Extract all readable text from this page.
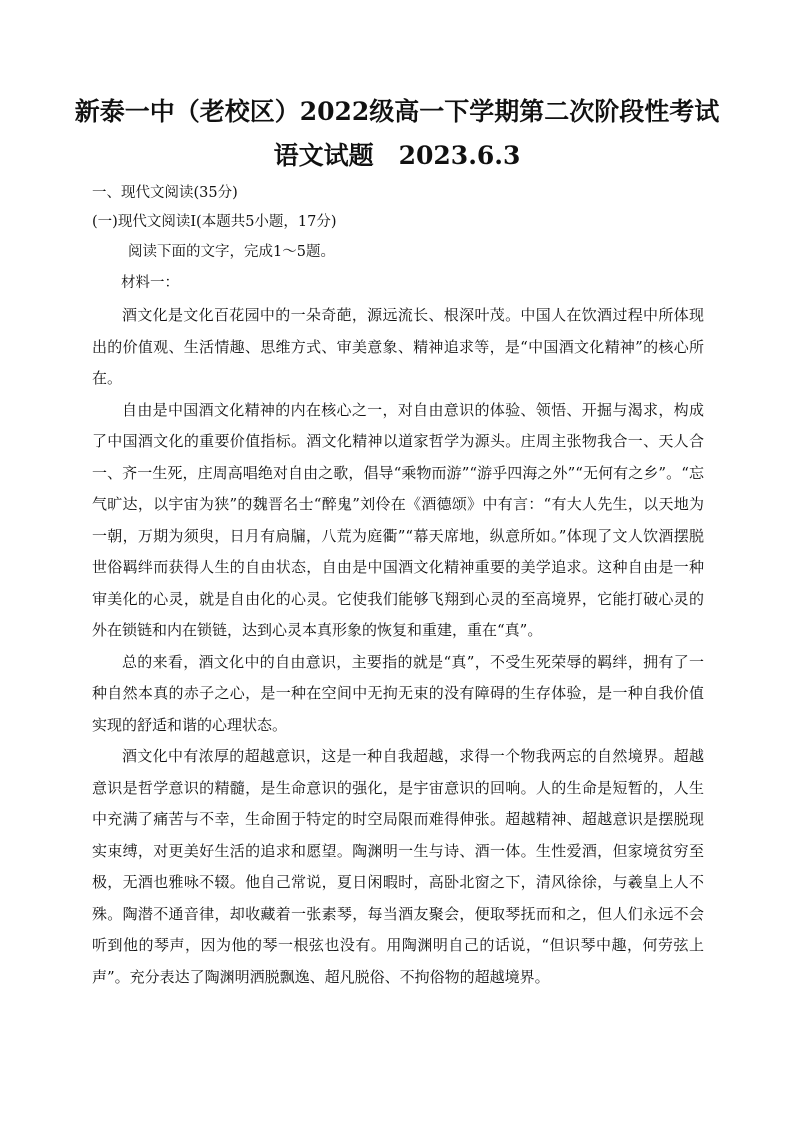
新泰一中（老校区）2022级高一下学期第二次阶段性考试
语文试题　2023.6.3
一、现代文阅读(35分)
(一)现代文阅读Ⅰ(本题共5小题，17分)
阅读下面的文字，完成1～5题。
材料一：

酒文化是文化百花园中的一朵奇葩，源远流长、根深叶茂。中国人在饮酒过程中所体现出的价值观、生活情趣、思维方式、审美意象、精神追求等，是“中国酒文化精神”的核心所在。

自由是中国酒文化精神的内在核心之一，对自由意识的体验、领悟、开掘与渴求，构成了中国酒文化的重要价值指标。酒文化精神以道家哲学为源头。庄周主张物我合一、天人合一、齐一生死，庄周高唱绝对自由之歌，倡导“乘物而游”“游乎四海之外”“无何有之乡”。“忘气旷达，以宇宙为狭”的魏晋名士“醉鬼”刘伶在《酒德颂》中有言：“有大人先生，以天地为一朝，万期为须臾，日月有扃牖，八荒为庭衢”“幕天席地，纵意所如。”体现了文人饮酒摆脱世俗羁绊而获得人生的自由状态，自由是中国酒文化精神重要的美学追求。这种自由是一种审美化的心灵，就是自由化的心灵。它使我们能够飞翔到心灵的至高境界，它能打破心灵的外在锁链和内在锁链，达到心灵本真形象的恢复和重建，重在“真”。

总的来看，酒文化中的自由意识，主要指的就是“真”，不受生死荣辱的羁绊，拥有了一种自然本真的赤子之心，是一种在空间中无拘无束的没有障碍的生存体验，是一种自我价值实现的舒适和谐的心理状态。

酒文化中有浓厚的超越意识，这是一种自我超越，求得一个物我两忘的自然境界。超越意识是哲学意识的精髓，是生命意识的强化，是宇宙意识的回响。人的生命是短暂的，人生中充满了痛苦与不幸，生命囿于特定的时空局限而难得伸张。超越精神、超越意识是摆脱现实束缚，对更美好生活的追求和愿望。陶渊明一生与诗、酒一体。生性爱酒，但家境贫穷至极，无酒也雅咏不辍。他自己常说，夏日闲暇时，高卧北窗之下，清风徐徐，与羲皇上人不殊。陶潜不通音律，却收藏着一张素琴，每当酒友聚会，便取琴抚而和之，但人们永远不会听到他的琴声，因为他的琴一根弦也没有。用陶渊明自己的话说，“但识琴中趣，何劳弦上声”。充分表达了陶渊明洒脱飘逸、超凡脱俗、不拘俗物的超越境界。
